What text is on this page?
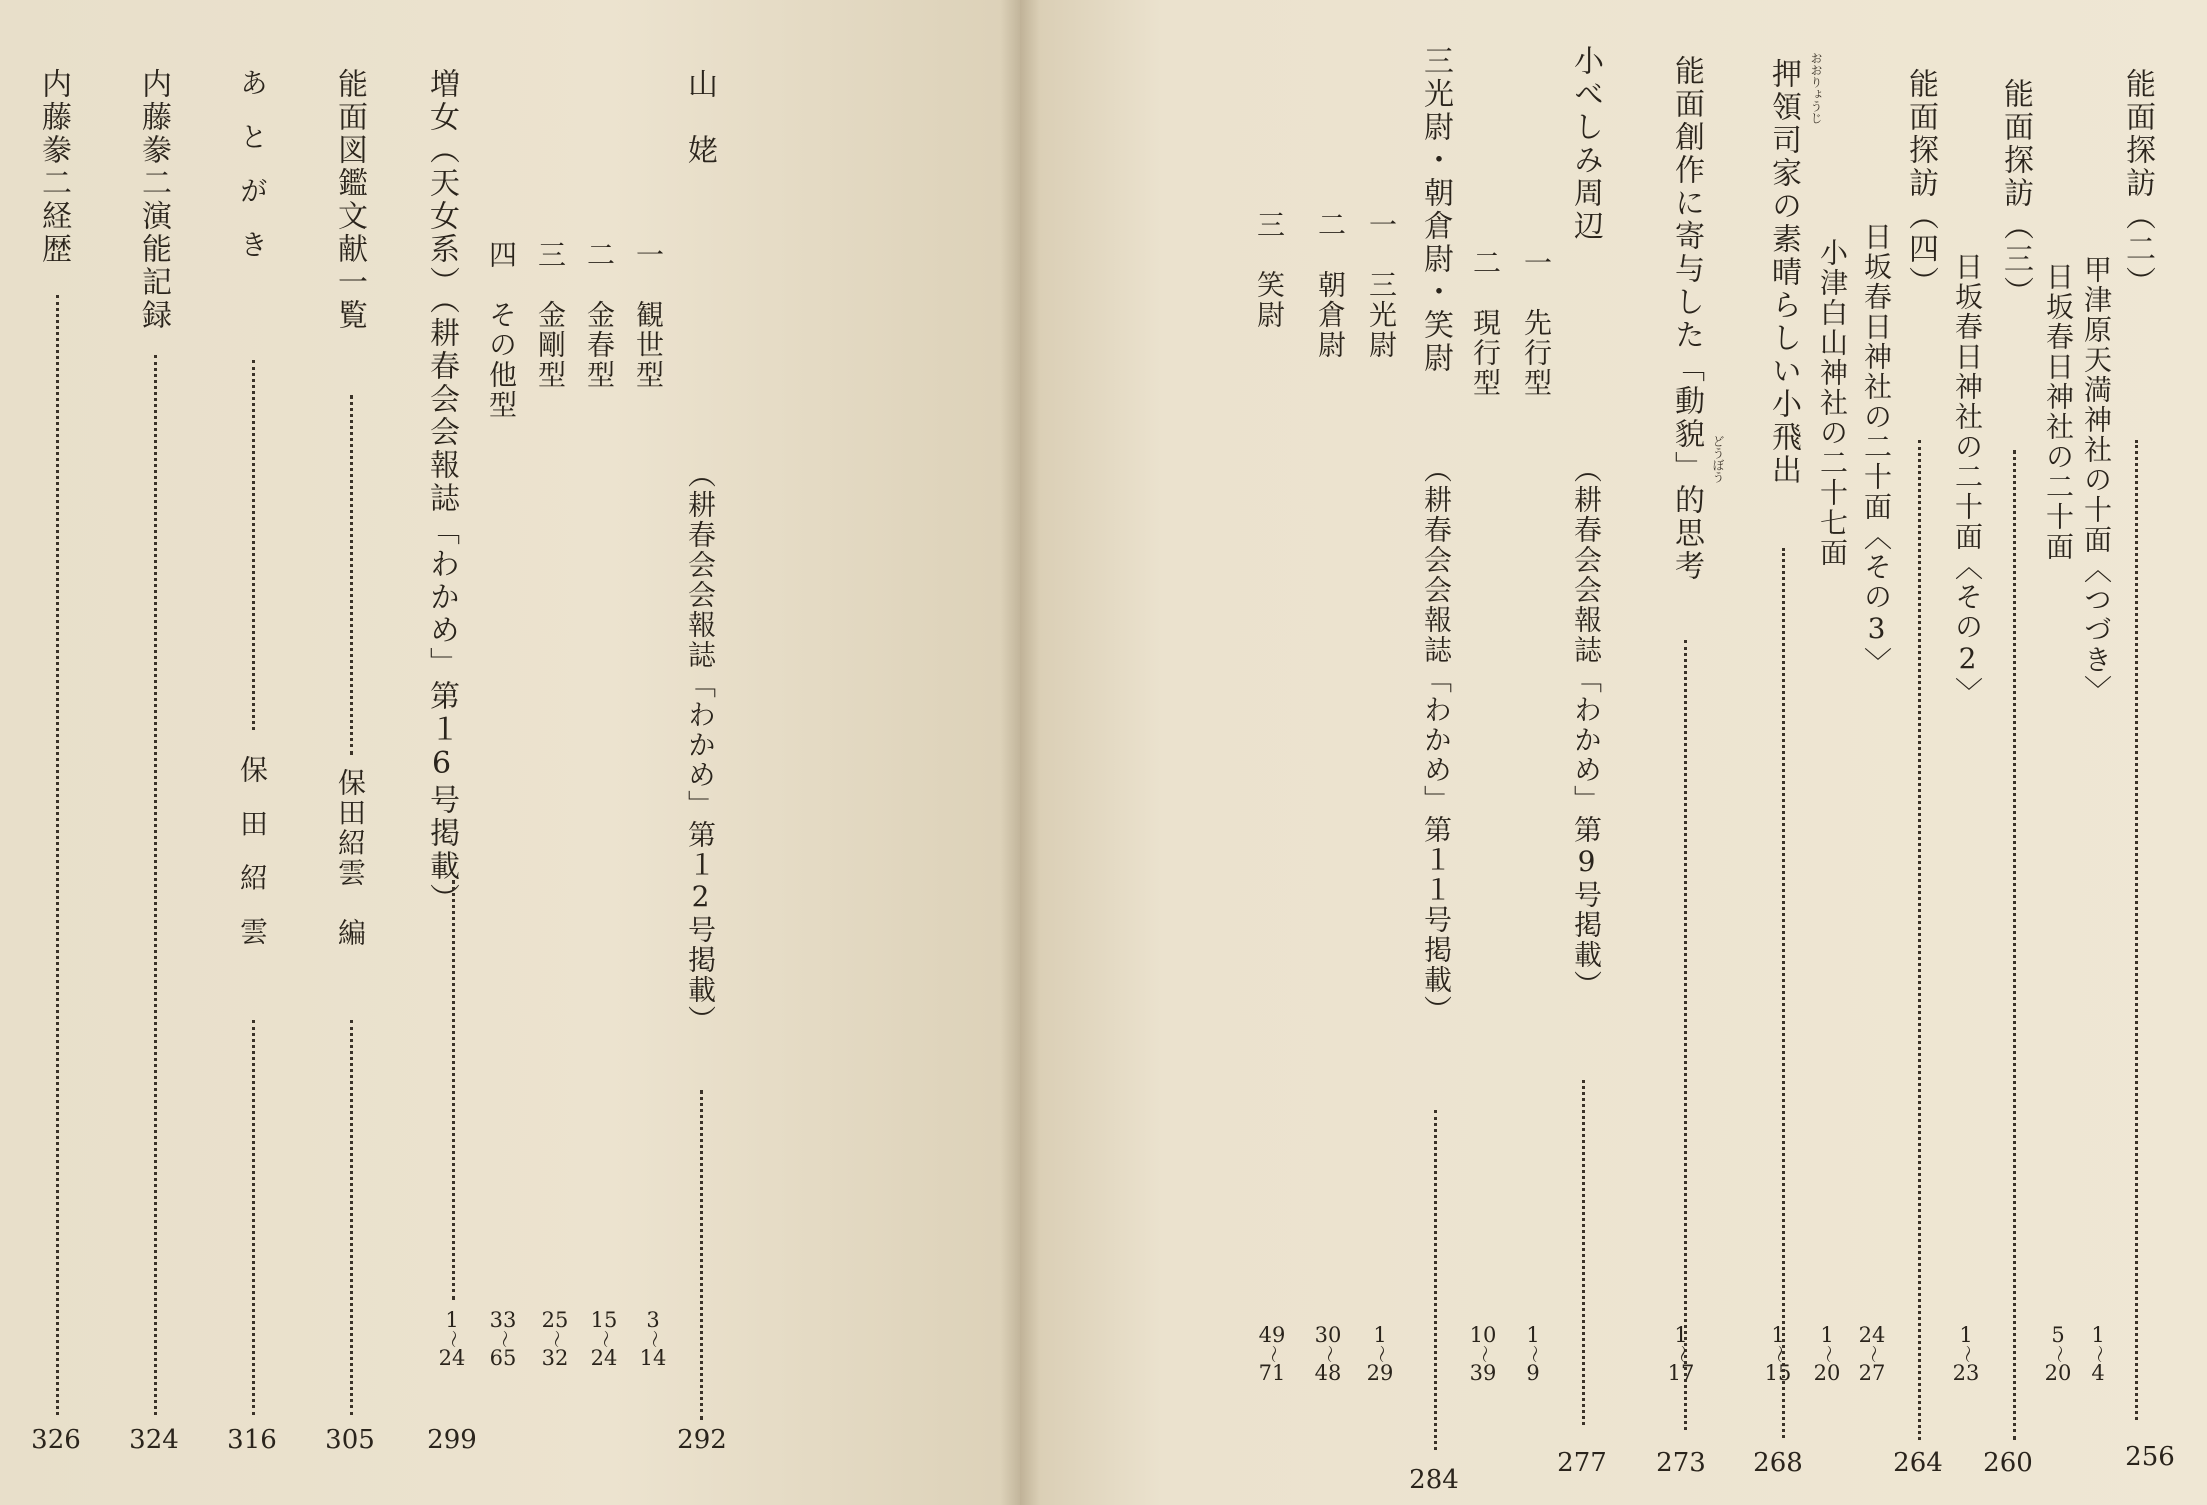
能面探訪（二）
256
甲津原天満神社の十面〈つづき〉
1
〜
4
日坂春日神社の二十面
5
〜
20
能面探訪（三）
260
日坂春日神社の二十面〈その2〉
1
〜
23
能面探訪（四）
264
日坂春日神社の二十面〈その3〉
24
〜
27
小津白山神社の二十七面
1
〜
20
おおりょうじ
押領司家の素晴らしい小飛出
1
〜
15
268
どうぼう
能面創作に寄与した「動貌」的思考
1
〜
17
273
小べしみ周辺
（耕春会会報誌「わかめ」第9号掲載）
277
一　先行型
1
〜
9
二　現行型
10
〜
39
三光尉・朝倉尉・笑尉
（耕春会会報誌「わかめ」第１１号掲載）
284
一　三光尉
1
〜
29
二　朝倉尉
30
〜
48
三　笑尉
49
〜
71
山　姥
（耕春会会報誌「わかめ」第１2号掲載）
292
一　観世型
3
〜
14
二　金春型
15
〜
24
三　金剛型
25
〜
32
四　その他型
33
〜
65
増女（天女系）（耕春会会報誌「わかめ」第１6号掲載）
1
〜
24
299
能面図鑑文献一覧
保田紹雲　編
305
あとがき
保田紹雲
316
内藤豢二演能記録
324
内藤豢二経歴
326
